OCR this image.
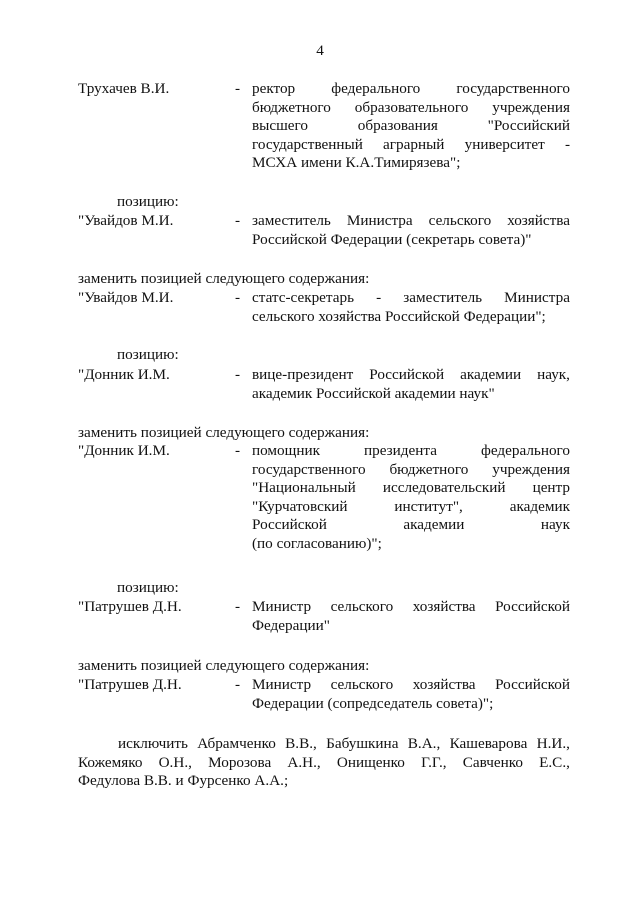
4
Трухачев В.И.	- ректор федерального государственного
бюджетного образовательного учреждения
высшего	образования	"Российский
государственный аграрный университет -
МСХА имени К.А.Тимирязева";
позицию:
"Увайдов М.И.	- заместитель Министра сельского хозяйства
Российской Федерации (секретарь совета)"
заменить позицией следующего содержания:
"Увайдов М.И.	- статс-секретарь - заместитель Министра
сельского хозяйства Российской Федерации";
позицию:
"Донник И.М.	- вице-президент Российской академии наук,
академик Российской академии наук"
заменить позицией следующего содержания:
"Донник И.М.	- помощник	президента	федерального
государственного бюджетного учреждения
"Национальный исследовательский центр
"Курчатовский	институт",	академик
Российской	академии	наук
(по согласованию)";
позицию:
"Патрушев Д.Н.	- Министр сельского хозяйства Российской
Федерации"
заменить позицией следующего содержания:
"Патрушев Д.Н.	- Министр сельского хозяйства Российской
Федерации (сопредседатель совета)";
исключить Абрамченко В.В., Бабушкина В.А., Кашеварова Н.И.,
Кожемяко О.Н., Морозова А.Н., Онищенко Г.Г., Савченко Е.С.,
Федулова В.В. и Фурсенко А.А.;
